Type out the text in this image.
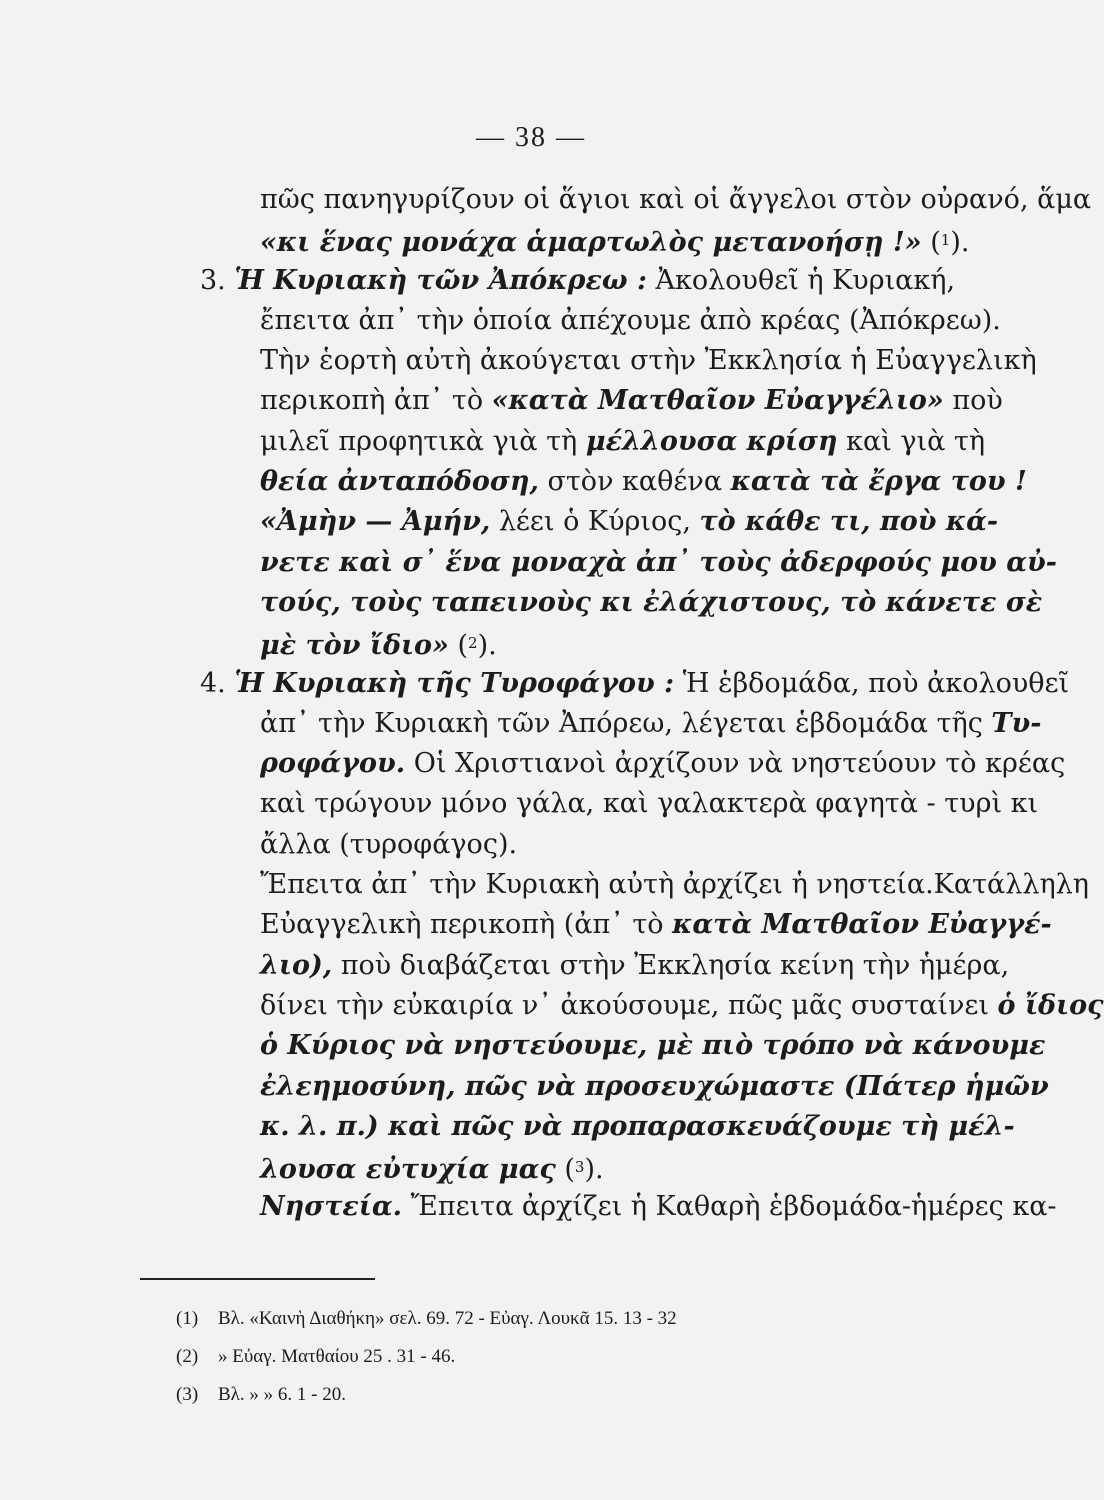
— 38 —
πῶς πανηγυρίζουν οἱ ἅγιοι καὶ οἱ ἄγγελοι στὸν οὐρανό, ἅμα
«κι ἕνας μονάχα ἁμαρτωλὸς μετανοήσῃ !» ($^1$).
3. Ἡ Κυριακὴ τῶν Ἀπόκρεω : Ἀκολουθεῖ ἡ Κυριακή,
ἔπειτα ἀπ᾽ τὴν ὁποία ἀπέχουμε ἀπὸ κρέας (Ἀπόκρεω).
Τὴν ἑορτὴ αὐτὴ ἀκούγεται στὴν Ἐκκλησία ἡ Εὐαγγελικὴ
περικοπὴ ἀπ᾽ τὸ «κατὰ Ματθαῖον Εὐαγγέλιο» ποὺ
μιλεῖ προφητικὰ γιὰ τὴ μέλλουσα κρίση καὶ γιὰ τὴ
θεία ἀνταπόδοση, στὸν καθένα κατὰ τὰ ἔργα του !
«Ἀμὴν — Ἀμήν, λέει ὁ Κύριος, τὸ κάθε τι, ποὺ κά-
νετε καὶ σ᾽ ἕνα μοναχὰ ἀπ᾽ τοὺς ἀδερφούς μου αὐ-
τούς, τοὺς ταπεινοὺς κι ἐλάχιστους, τὸ κάνετε σὲ
μὲ τὸν ἴδιο» ($^2$).
4. Ἡ Κυριακὴ τῆς Τυροφάγου : Ἡ ἑβδομάδα, ποὺ ἀκολουθεῖ
ἀπ᾽ τὴν Κυριακὴ τῶν Ἀπόρεω, λέγεται ἑβδομάδα τῆς Τυ-
ροφάγου. Οἱ Χριστιανοὶ ἀρχίζουν νὰ νηστεύουν τὸ κρέας
καὶ τρώγουν μόνο γάλα, καὶ γαλακτερὰ φαγητὰ - τυρὶ κι
ἄλλα (τυροφάγος).
Ἔπειτα ἀπ᾽ τὴν Κυριακὴ αὐτὴ ἀρχίζει ἡ νηστεία.Κατάλληλη
Εὐαγγελικὴ περικοπὴ (ἀπ᾽ τὸ κατὰ Ματθαῖον Εὐαγγέ-
λιο), ποὺ διαβάζεται στὴν Ἐκκλησία κείνη τὴν ἡμέρα,
δίνει τὴν εὐκαιρία ν᾽ ἀκούσουμε, πῶς μᾶς συσταίνει ὁ ἴδιος
ὁ Κύριος νὰ νηστεύουμε, μὲ πιὸ τρόπο νὰ κάνουμε
ἐλεημοσύνη, πῶς νὰ προσευχώμαστε (Πάτερ ἡμῶν
κ. λ. π.) καὶ πῶς νὰ προπαρασκευάζουμε τὴ μέλ-
λουσα εὐτυχία μας ($^3$).
Νηστεία. Ἔπειτα ἀρχίζει ἡ Καθαρὴ ἑβδομάδα-ἡμέρες κα-
(1) Βλ. «Καινὴ Διαθήκη» σελ. 69. 72 - Εὐαγ. Λουκᾶ 15. 13 - 32
(2) » Εὐαγ. Ματθαίου 25 . 31 - 46.
(3) Βλ. » » 6. 1 - 20.
